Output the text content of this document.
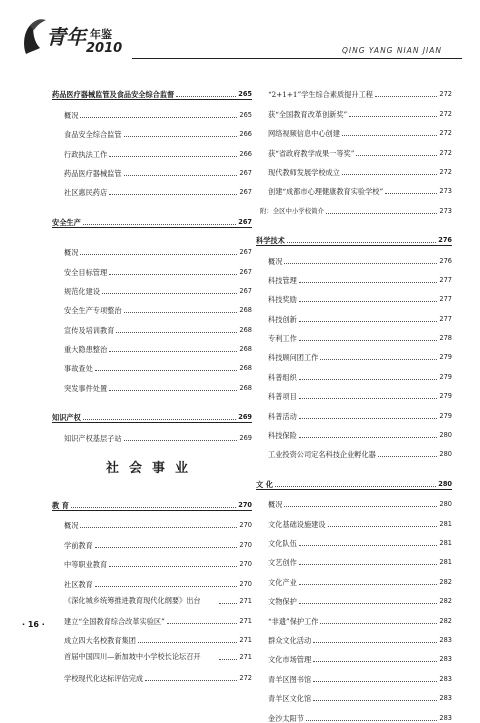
青年 年鉴
2010	QING YANG NIAN JIAN
药品医疗器械监管及食品安全综合监督	265
概况	265
食品安全综合监管	266
行政执法工作	266
药品医疗器械监管	267
社区惠民药店	267
安全生产	267
概况	267
安全目标管理	267
规范化建设	267
安全生产专项整治	268
宣传及培训教育	268
重大隐患整治	268
事故查处	268
突发事件处置	268
知识产权	269
知识产权基层子站	269
社会事业
教 育	270
概况	270
学前教育	270
中等职业教育	270
社区教育	270
《深化城乡统筹推进教育现代化纲要》出台	271
建立“全国教育综合改革实验区”	271
成立四大名校教育集团	271
首届中国四川—新加坡中小学校长论坛召开	271
学校现代化达标评估完成	272
“2+1+1”学生综合素质提升工程	272
获“全国教育改革创新奖”	272
网络视频信息中心创建	272
获“省政府教学成果一等奖”	272
现代教师发展学校成立	272
创建“成都市心理健康教育实验学校”	273
附：全区中小学校简介	273
科学技术	276
概况	276
科技管理	277
科技奖励	277
科技创新	277
专利工作	278
科技顾问团工作	279
科普组织	279
科普项目	279
科普活动	279
科技保险	280
工业投资公司定名科技企业孵化器	280
文 化	280
概况	280
文化基础设施建设	281
文化队伍	281
文艺创作	281
文化产业	282
文物保护	282
“非遗”保护工作	282
群众文化活动	283
文化市场管理	283
青羊区图书馆	283
青羊区文化馆	283
金沙太阳节	283
· 16 ·
